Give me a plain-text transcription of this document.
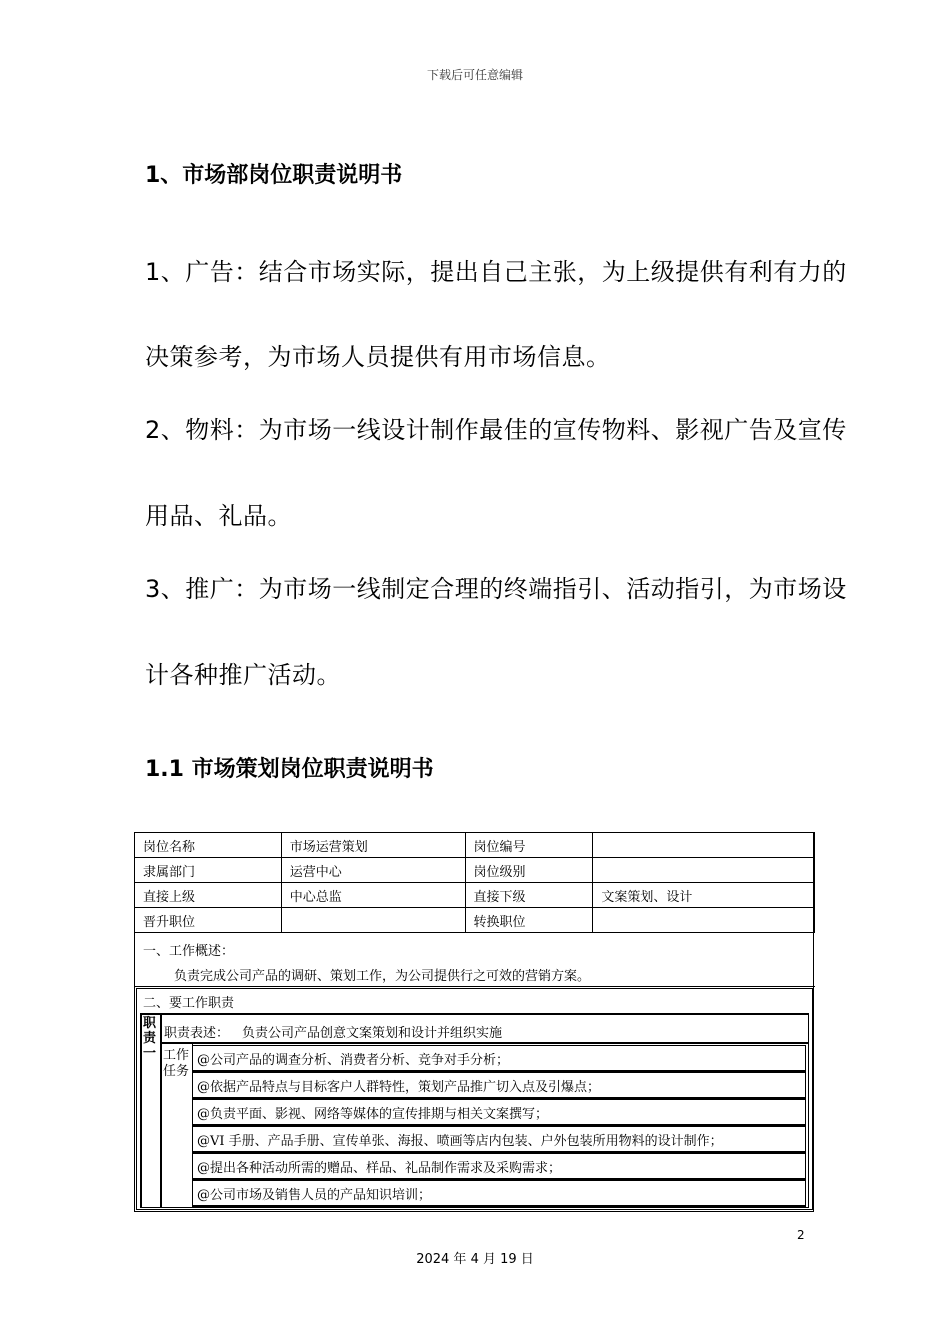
下载后可任意编辑
1、市场部岗位职责说明书
1、广告：结合市场实际，提出自己主张，为上级提供有利有力的
决策参考，为市场人员提供有用市场信息。
2、物料：为市场一线设计制作最佳的宣传物料、影视广告及宣传
用品、礼品。
3、推广：为市场一线制定合理的终端指引、活动指引，为市场设
计各种推广活动。
1.1 市场策划岗位职责说明书
岗位名称	市场运营策划	岗位编号	
隶属部门	运营中心	岗位级别	
直接上级	中心总监	直接下级	文案策划、设计
晋升职位		转换职位	
一、工作概述：
负责完成公司产品的调研、策划工作，为公司提供行之可效的营销方案。
二、要工作职责
职责一
职责表述： 负责公司产品创意文案策划和设计并组织实施
工作任务
@公司产品的调查分析、消费者分析、竞争对手分析；
@依据产品特点与目标客户人群特性，策划产品推广切入点及引爆点；
@负责平面、影视、网络等媒体的宣传排期与相关文案撰写；
@VI 手册、产品手册、宣传单张、海报、喷画等店内包装、户外包装所用物料的设计制作；
@提出各种活动所需的赠品、样品、礼品制作需求及采购需求；
@公司市场及销售人员的产品知识培训；
2
2024 年 4 月 19 日
